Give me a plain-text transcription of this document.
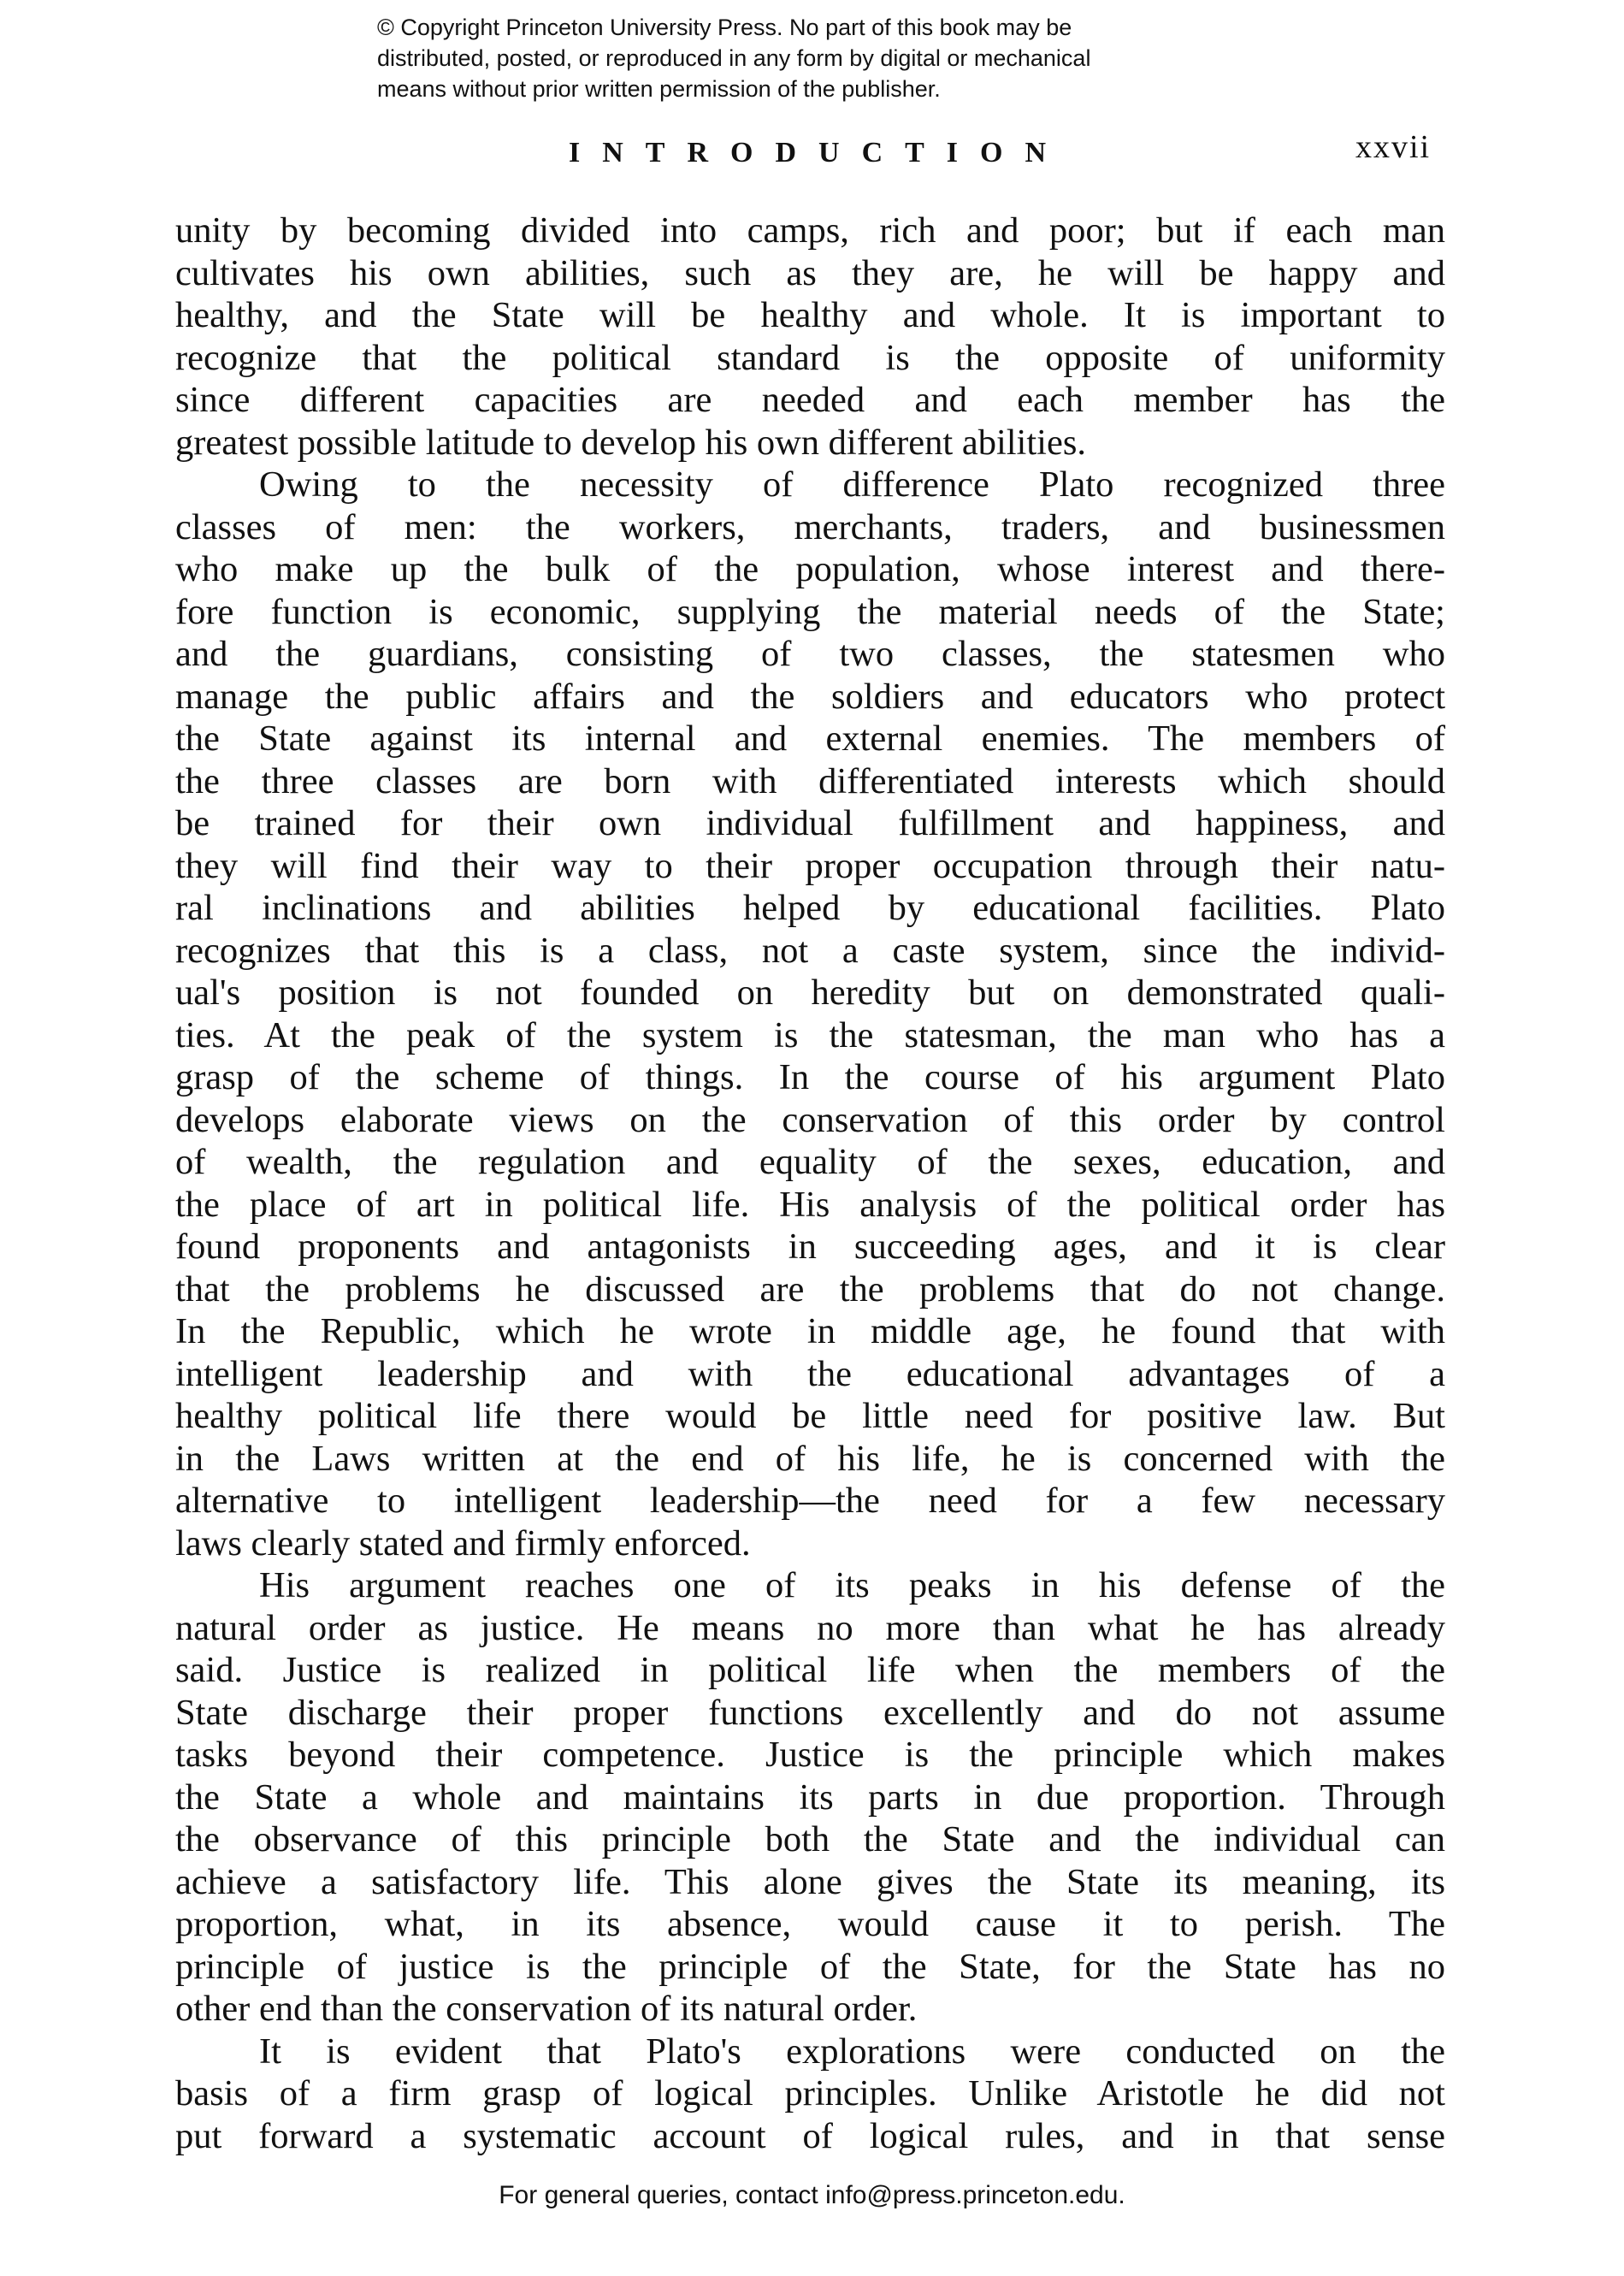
© Copyright Princeton University Press. No part of this book may be
distributed, posted, or reproduced in any form by digital or mechanical
means without prior written permission of the publisher.
INTRODUCTION	xxvii
unity by becoming divided into camps, rich and poor; but if each man
cultivates his own abilities, such as they are, he will be happy and
healthy, and the State will be healthy and whole. It is important to
recognize that the political standard is the opposite of uniformity
since different capacities are needed and each member has the
greatest possible latitude to develop his own different abilities.
Owing to the necessity of difference Plato recognized three
classes of men: the workers, merchants, traders, and businessmen
who make up the bulk of the population, whose interest and there-
fore function is economic, supplying the material needs of the State;
and the guardians, consisting of two classes, the statesmen who
manage the public affairs and the soldiers and educators who protect
the State against its internal and external enemies. The members of
the three classes are born with differentiated interests which should
be trained for their own individual fulfillment and happiness, and
they will find their way to their proper occupation through their natu-
ral inclinations and abilities helped by educational facilities. Plato
recognizes that this is a class, not a caste system, since the individ-
ual's position is not founded on heredity but on demonstrated quali-
ties. At the peak of the system is the statesman, the man who has a
grasp of the scheme of things. In the course of his argument Plato
develops elaborate views on the conservation of this order by control
of wealth, the regulation and equality of the sexes, education, and
the place of art in political life. His analysis of the political order has
found proponents and antagonists in succeeding ages, and it is clear
that the problems he discussed are the problems that do not change.
In the Republic, which he wrote in middle age, he found that with
intelligent leadership and with the educational advantages of a
healthy political life there would be little need for positive law. But
in the Laws written at the end of his life, he is concerned with the
alternative to intelligent leadership—the need for a few necessary
laws clearly stated and firmly enforced.
His argument reaches one of its peaks in his defense of the
natural order as justice. He means no more than what he has already
said. Justice is realized in political life when the members of the
State discharge their proper functions excellently and do not assume
tasks beyond their competence. Justice is the principle which makes
the State a whole and maintains its parts in due proportion. Through
the observance of this principle both the State and the individual can
achieve a satisfactory life. This alone gives the State its meaning, its
proportion, what, in its absence, would cause it to perish. The
principle of justice is the principle of the State, for the State has no
other end than the conservation of its natural order.
It is evident that Plato's explorations were conducted on the
basis of a firm grasp of logical principles. Unlike Aristotle he did not
put forward a systematic account of logical rules, and in that sense
For general queries, contact info@press.princeton.edu.
